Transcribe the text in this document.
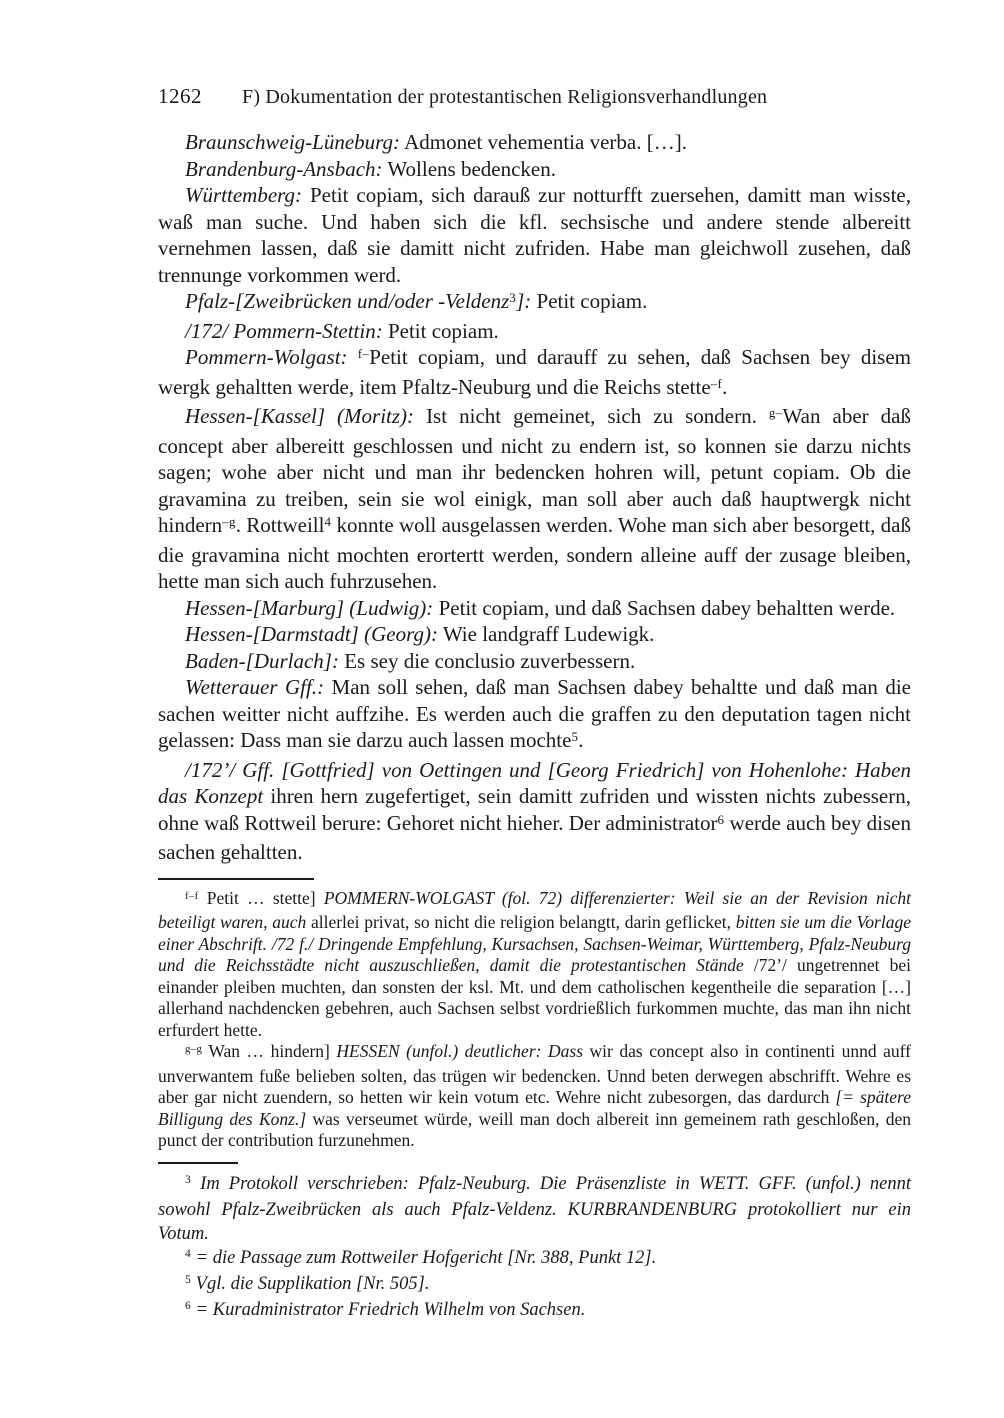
1262 F) Dokumentation der protestantischen Religionsverhandlungen

Braunschweig-Lüneburg: Admonet vehementia verba. […].

Brandenburg-Ansbach: Wollens bedencken.

Württemberg: Petit copiam, sich darauß zur notturfft zuersehen, damitt man wisste, waß man suche. Und haben sich die kfl. sechsische und andere stende albereitt vernehmen lassen, daß sie damitt nicht zufriden. Habe man gleichwoll zusehen, daß trennunge vorkommen werd.

Pfalz-[Zweibrücken und/oder -Veldenz$^3$]: Petit copiam.

/172/ Pommern-Stettin: Petit copiam.

Pommern-Wolgast: $^{f-}$Petit copiam, und darauff zu sehen, daß Sachsen bey disem wergk gehaltten werde, item Pfaltz-Neuburg und die Reichs stette$^{-f}$.

Hessen-[Kassel] (Moritz): Ist nicht gemeinet, sich zu sondern. $^{g-}$Wan aber daß concept aber albereitt geschlossen und nicht zu endern ist, so konnen sie darzu nichts sagen; wohe aber nicht und man ihr bedencken hohren will, petunt copiam. Ob die gravamina zu treiben, sein sie wol einigk, man soll aber auch daß hauptwergk nicht hindern$^{-g}$. Rottweill$^4$ konnte woll ausgelassen werden. Wohe man sich aber besorgett, daß die gravamina nicht mochten erortertt werden, sondern alleine auff der zusage bleiben, hette man sich auch fuhrzusehen.

Hessen-[Marburg] (Ludwig): Petit copiam, und daß Sachsen dabey behaltten werde.

Hessen-[Darmstadt] (Georg): Wie landgraff Ludewigk.

Baden-[Durlach]: Es sey die conclusio zuverbessern.

Wetterauer Gff.: Man soll sehen, daß man Sachsen dabey behaltte und daß man die sachen weitter nicht auffzihe. Es werden auch die graffen zu den deputation tagen nicht gelassen: Dass man sie darzu auch lassen mochte$^5$.

/172’/ Gff. [Gottfried] von Oettingen und [Georg Friedrich] von Hohenlohe: Haben das Konzept ihren hern zugefertiget, sein damitt zufriden und wissten nichts zubessern, ohne waß Rottweil berure: Gehoret nicht hieher. Der administrator$^6$ werde auch bey disen sachen gehaltten.

$^{f-f}$ Petit … stette] POMMERN-WOLGAST (fol. 72) differenzierter: Weil sie an der Revision nicht beteiligt waren, auch allerlei privat, so nicht die religion belangtt, darin geflicket, bitten sie um die Vorlage einer Abschrift. /72 f./ Dringende Empfehlung, Kursachsen, Sachsen-Weimar, Württemberg, Pfalz-Neuburg und die Reichsstädte nicht auszuschließen, damit die protestantischen Stände /72’/ ungetrennet bei einander pleiben muchten, dan sonsten der ksl. Mt. und dem catholischen kegentheile die separation […] allerhand nachdencken gebehren, auch Sachsen selbst vordrießlich furkommen muchte, das man ihn nicht erfurdert hette.

$^{g-g}$ Wan … hindern] HESSEN (unfol.) deutlicher: Dass wir das concept also in continenti unnd auff unverwantem fuße belieben solten, das trügen wir bedencken. Unnd beten derwegen abschrifft. Wehre es aber gar nicht zuendern, so hetten wir kein votum etc. Wehre nicht zubesorgen, das dardurch [= spätere Billigung des Konz.] was verseumet würde, weill man doch albereit inn gemeinem rath geschloßen, den punct der contribution furzunehmen.

$^3$ Im Protokoll verschrieben: Pfalz-Neuburg. Die Präsenzliste in WETT. GFF. (unfol.) nennt sowohl Pfalz-Zweibrücken als auch Pfalz-Veldenz. KURBRANDENBURG protokolliert nur ein Votum.

$^4$ = die Passage zum Rottweiler Hofgericht [Nr. 388, Punkt 12].

$^5$ Vgl. die Supplikation [Nr. 505].

$^6$ = Kuradministrator Friedrich Wilhelm von Sachsen.
